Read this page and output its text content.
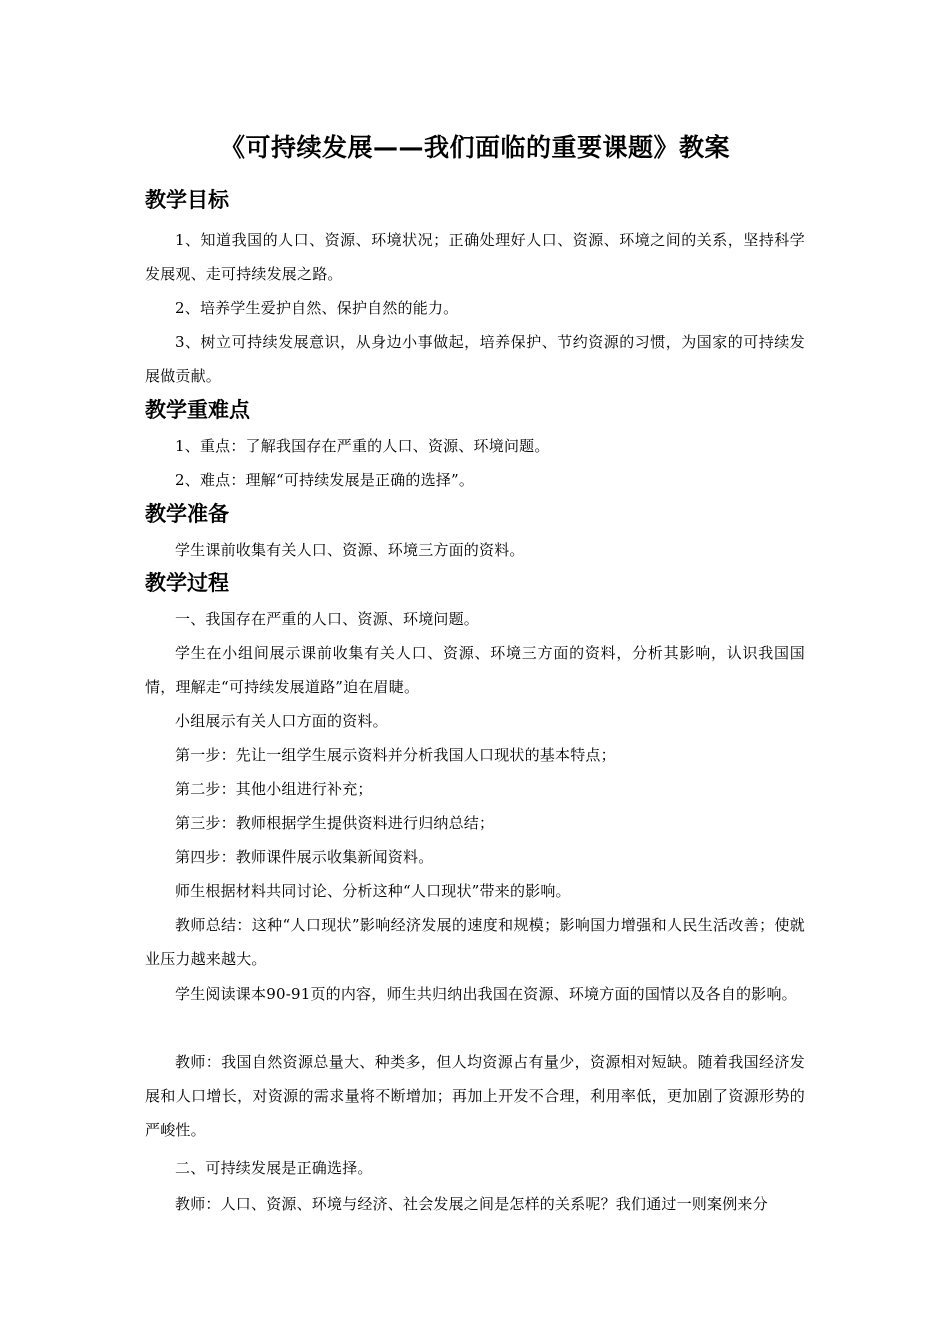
《可持续发展——我们面临的重要课题》教案
教学目标

1、知道我国的人口、资源、环境状况；正确处理好人口、资源、环境之间的关系，坚持科学发展观、走可持续发展之路。

2、培养学生爱护自然、保护自然的能力。

3、树立可持续发展意识，从身边小事做起，培养保护、节约资源的习惯，为国家的可持续发展做贡献。

教学重难点

1、重点：了解我国存在严重的人口、资源、环境问题。

2、难点：理解“可持续发展是正确的选择”。

教学准备

学生课前收集有关人口、资源、环境三方面的资料。

教学过程

一、我国存在严重的人口、资源、环境问题。

学生在小组间展示课前收集有关人口、资源、环境三方面的资料，分析其影响，认识我国国情，理解走“可持续发展道路”迫在眉睫。

小组展示有关人口方面的资料。

第一步：先让一组学生展示资料并分析我国人口现状的基本特点；

第二步：其他小组进行补充；

第三步：教师根据学生提供资料进行归纳总结；

第四步：教师课件展示收集新闻资料。

师生根据材料共同讨论、分析这种“人口现状”带来的影响。

教师总结：这种“人口现状”影响经济发展的速度和规模；影响国力增强和人民生活改善；使就业压力越来越大。

学生阅读课本90-91页的内容，师生共归纳出我国在资源、环境方面的国情以及各自的影响。

教师：我国自然资源总量大、种类多，但人均资源占有量少，资源相对短缺。随着我国经济发展和人口增长，对资源的需求量将不断增加；再加上开发不合理，利用率低，更加剧了资源形势的严峻性。

二、可持续发展是正确选择。

教师：人口、资源、环境与经济、社会发展之间是怎样的关系呢？我们通过一则案例来分
